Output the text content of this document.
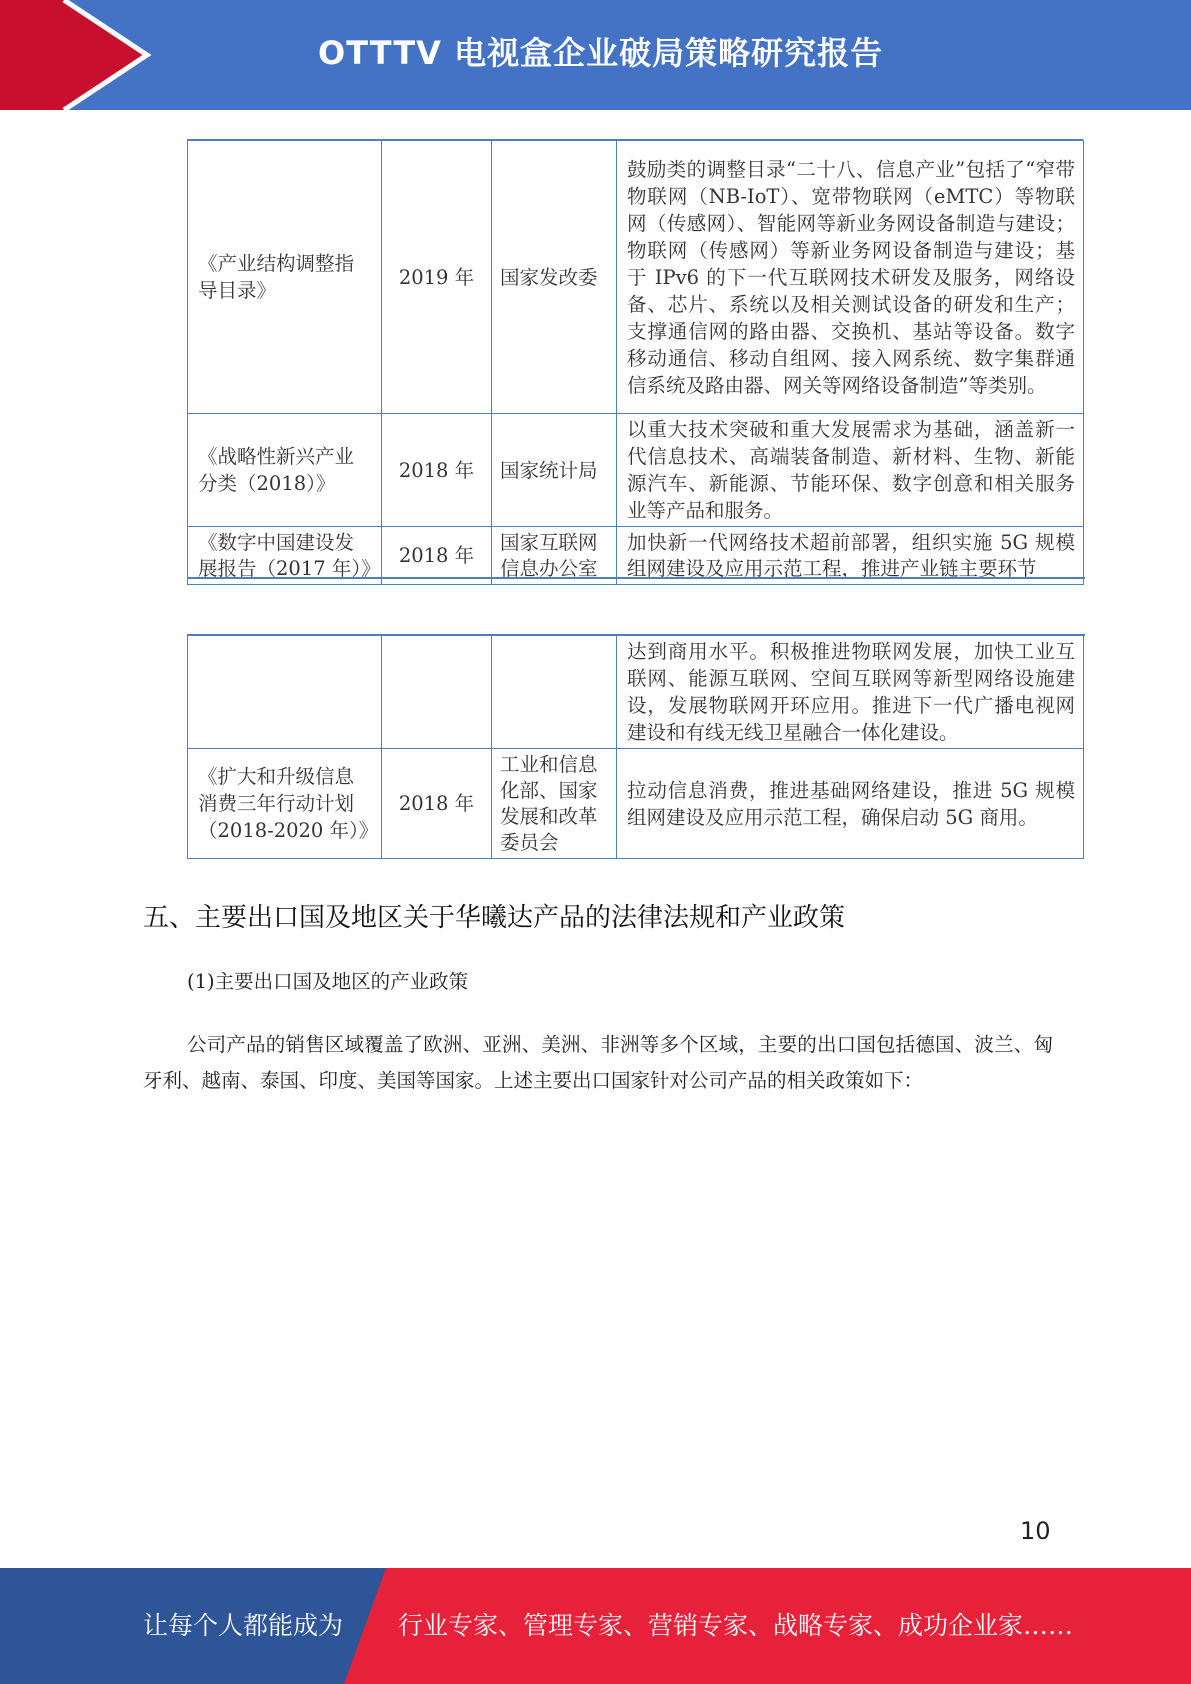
OTTTV 电视盒企业破局策略研究报告
《产业结构调整指导目录》	2019 年	国家发改委	鼓励类的调整目录“二十八、信息产业”包括了“窄带物联网（NB-IoT）、宽带物联网（eMTC）等物联网（传感网）、智能网等新业务网设备制造与建设；物联网（传感网）等新业务网设备制造与建设；基于 IPv6 的下一代互联网技术研发及服务，网络设备、芯片、系统以及相关测试设备的研发和生产；支撑通信网的路由器、交换机、基站等设备。数字移动通信、移动自组网、接入网系统、数字集群通信系统及路由器、网关等网络设备制造”等类别。
《战略性新兴产业分类（2018）》	2018 年	国家统计局	以重大技术突破和重大发展需求为基础，涵盖新一代信息技术、高端装备制造、新材料、生物、新能源汽车、新能源、节能环保、数字创意和相关服务业等产品和服务。
《数字中国建设发展报告（2017 年）》	2018 年	国家互联网信息办公室	加快新一代网络技术超前部署，组织实施 5G 规模组网建设及应用示范工程，推进产业链主要环节
			达到商用水平。积极推进物联网发展，加快工业互联网、能源互联网、空间互联网等新型网络设施建设，发展物联网开环应用。推进下一代广播电视网建设和有线无线卫星融合一体化建设。
《扩大和升级信息消费三年行动计划（2018-2020 年）》	2018 年	工业和信息化部、国家发展和改革委员会	拉动信息消费，推进基础网络建设，推进 5G 规模组网建设及应用示范工程，确保启动 5G 商用。
五、主要出口国及地区关于华曦达产品的法律法规和产业政策
(1)主要出口国及地区的产业政策
公司产品的销售区域覆盖了欧洲、亚洲、美洲、非洲等多个区域，主要的出口国包括德国、波兰、匈牙利、越南、泰国、印度、美国等国家。上述主要出口国家针对公司产品的相关政策如下：
10
让每个人都能成为 行业专家、管理专家、营销专家、战略专家、成功企业家……
